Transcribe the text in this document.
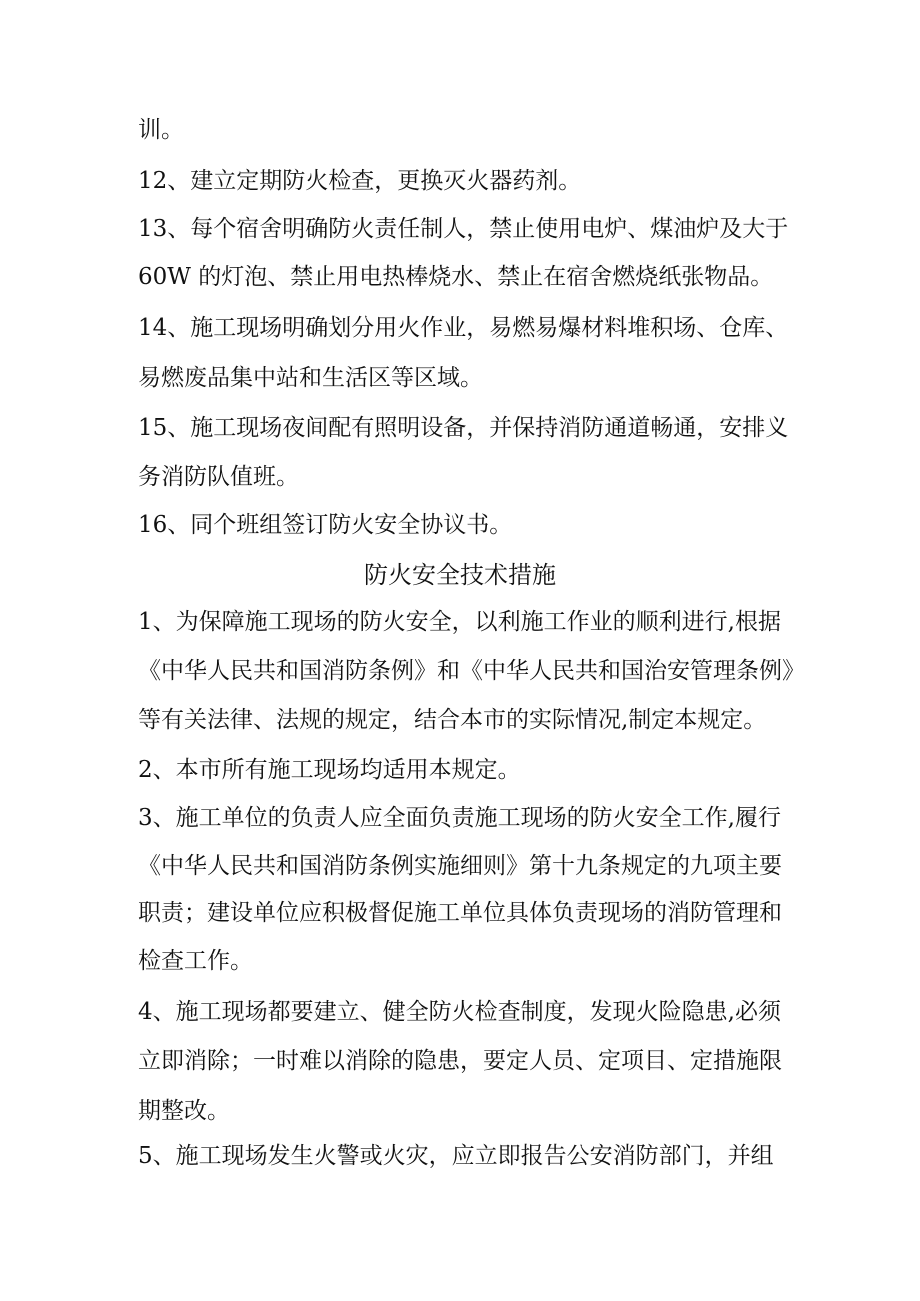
训。
12、建立定期防火检查，更换灭火器药剂。
13、每个宿舍明确防火责任制人，禁止使用电炉、煤油炉及大于
60W 的灯泡、禁止用电热棒烧水、禁止在宿舍燃烧纸张物品。
14、施工现场明确划分用火作业，易燃易爆材料堆积场、仓库、
易燃废品集中站和生活区等区域。
15、施工现场夜间配有照明设备，并保持消防通道畅通，安排义
务消防队值班。
16、同个班组签订防火安全协议书。
防火安全技术措施
1、为保障施工现场的防火安全，以利施工作业的顺利进行,根据
《中华人民共和国消防条例》和《中华人民共和国治安管理条例》
等有关法律、法规的规定，结合本市的实际情况,制定本规定。
2、本市所有施工现场均适用本规定。
3、施工单位的负责人应全面负责施工现场的防火安全工作,履行
《中华人民共和国消防条例实施细则》第十九条规定的九项主要
职责；建设单位应积极督促施工单位具体负责现场的消防管理和
检查工作。
4、施工现场都要建立、健全防火检查制度，发现火险隐患,必须
立即消除；一时难以消除的隐患，要定人员、定项目、定措施限
期整改。
5、施工现场发生火警或火灾，应立即报告公安消防部门，并组
